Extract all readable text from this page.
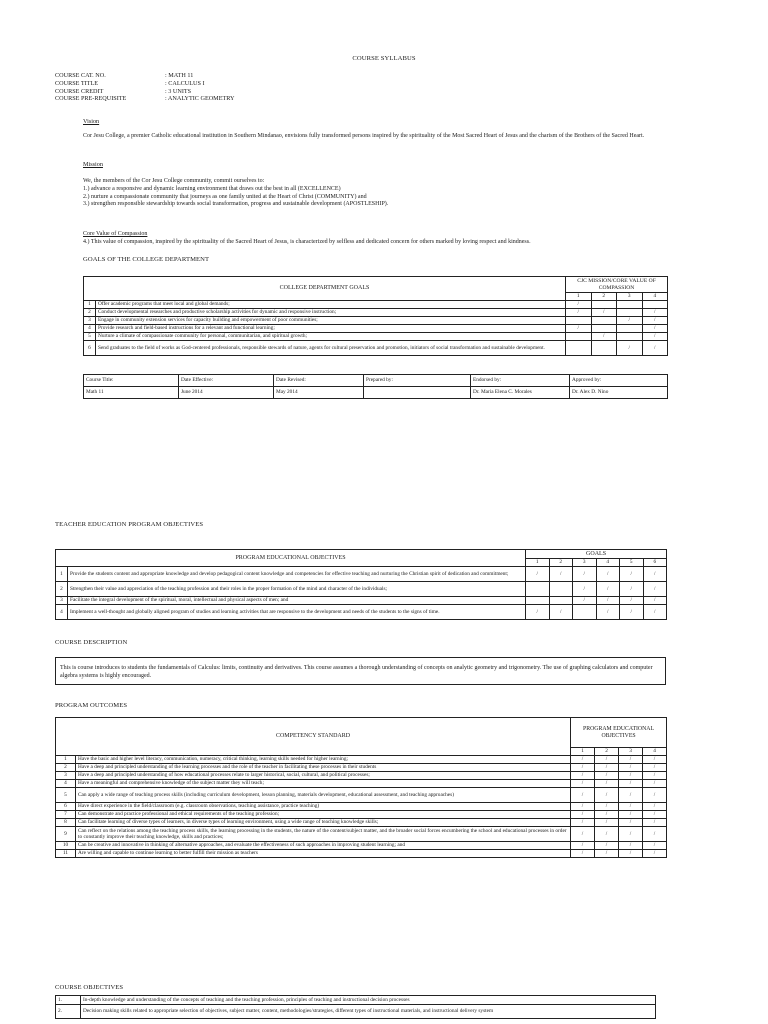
COURSE SYLLABUS
COURSE CAT. NO.	: MATH 11
COURSE TITLE	: CALCULUS I
COURSE CREDIT	: 3 UNITS
COURSE PRE-REQUISITE	: ANALYTIC GEOMETRY
Vision
Cor Jesu College, a premier Catholic educational institution in Southern Mindanao, envisions fully transformed persons inspired by the spirituality of the Most Sacred Heart of Jesus and the charism of the Brothers of the Sacred Heart.
Mission
We, the members of the Cor Jesu College community, commit ourselves to:
1.) advance a responsive and dynamic learning environment that draws out the best in all (EXCELLENCE)
2.) nurture a compassionate community that journeys as one family united at the Heart of Christ (COMMUNITY) and
3.) strengthen responsible stewardship towards social transformation, progress and sustainable development (APOSTLESHIP).
Core Value of Compassion
4.) This value of compassion, inspired by the spirituality of the Sacred Heart of Jesus, is characterized by selfless and dedicated concern for others marked by loving respect and kindness.
GOALS OF THE COLLEGE DEPARTMENT
COLLEGE DEPARTMENT GOALS		CJC MISSION/CORE VALUE OF COMPASSION			
		1	2	3	4
1	Offer academic programs that meet local and global demands;	/			
2	Conduct developmental researches and productive scholarship activities for dynamic and responsive instruction;	/	/		/
3	Engage in community extension services for capacity building and empowerment of poor communities;			/	/
4	Provide research and field-based instructions for a relevant and functional learning;	/			/
5	Nurture a climate of compassionate community for personal, communitarian, and spiritual growth;		/		/
6	Send graduates to the field of works as God-centered professionals, responsible stewards of nature, agents for cultural preservation and promotion, initiators of social transformation and sustainable development.			/	/
Course Title:	Date Effective:	Date Revised:	Prepared by:	Endorsed by:	Approved by:
Math 11	June 2014	May 2014		Dr. Maria Elena C. Morales	Dr. Alex D. Nino
TEACHER EDUCATION PROGRAM OBJECTIVES
PROGRAM EDUCATIONAL OBJECTIVES		GOALS					
		1	2	3	4	5	6
1	Provide the students content and appropriate knowledge and develop pedagogical content knowledge and competencies for effective teaching and nurturing the Christian spirit of dedication and commitment;	/	/	/	/	/	/
2	Strengthen their value and appreciation of the teaching profession and their roles in the proper formation of the mind and character of the individuals;			/	/	/	/
3	Facilitate the integral development of the spiritual, moral, intellectual and physical aspects of men; and			/	/	/	/
4	Implement a well-thought and globally aligned program of studies and learning activities that are responsive to the development and needs of the students to the signs of time.	/	/		/	/	/
COURSE DESCRIPTION
This is course introduces to students the fundamentals of Calculus: limits, continuity and derivatives. This course assumes a thorough understanding of concepts on analytic geometry and trigonometry. The use of graphing calculators and computer algebra systems is highly encouraged.
PROGRAM OUTCOMES
COMPETENCY STANDARD		PROGRAM EDUCATIONAL OBJECTIVES			
		1	2	3	4
1	Have the basic and higher level literacy, communication, numeracy, critical thinking, learning skills needed for higher learning;	/	/	/	/
2	Have a deep and principled understanding of the learning processes and the role of the teacher in facilitating these processes in their students	/	/	/	/
3	Have a deep and principled understanding of how educational processes relate to larger historical, social, cultural, and political processes;	/	/	/	/
4	Have a meaningful and comprehensive knowledge of the subject matter they will teach;	/	/	/	/
5	Can apply a wide range of teaching process skills (including curriculum development, lesson planning, materials development, educational assessment, and teaching approaches)	/	/	/	/
6	Have direct experience in the field/classroom (e.g. classroom observations, teaching assistance, practice teaching)	/	/	/	/
7	Can demonstrate and practice professional and ethical requirements of the teaching profession;	/	/	/	/
8	Can facilitate learning of diverse types of learners, in diverse types of learning environment, using a wide range of teaching knowledge skills;	/	/	/	/
9	Can reflect on the relations among the teaching process skills, the learning processing in the students, the nature of the content/subject matter, and the broader social forces encumbering the school and educational processes in order to constantly improve their teaching knowledge, skills and practices;	/	/	/	/
10	Can be creative and innovative in thinking of alternative approaches, and evaluate the effectiveness of such approaches in improving student learning; and	/	/	/	/
11	Are willing and capable to continue learning to better fulfill their mission as teachers	/	/	/	/
COURSE OBJECTIVES
1.	In-depth knowledge and understanding of the concepts of teaching and the teaching profession, principles of teaching and instructional decision processes
2.	Decision making skills related to appropriate selection of objectives, subject matter, content, methodologies/strategies, different types of instructional materials, and instructional delivery system
